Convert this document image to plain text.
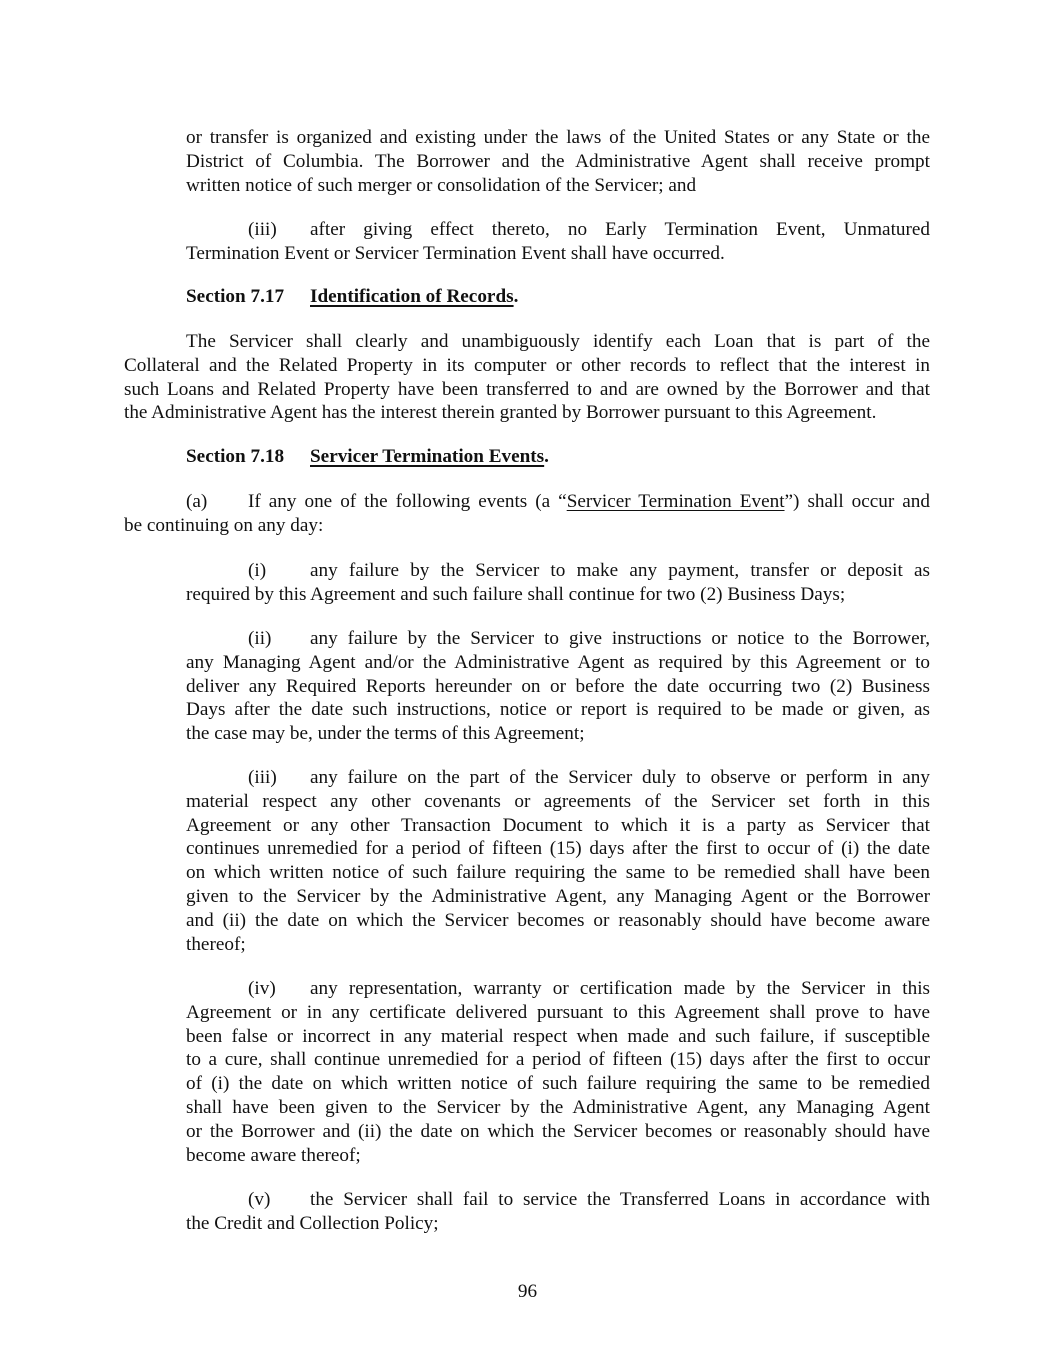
or transfer is organized and existing under the laws of the United States or any State or the
District of Columbia. The Borrower and the Administrative Agent shall receive prompt
written notice of such merger or consolidation of the Servicer; and
(iii) after giving effect thereto, no Early Termination Event, Unmatured
Termination Event or Servicer Termination Event shall have occurred.
Section 7.17 Identification of Records.
The Servicer shall clearly and unambiguously identify each Loan that is part of the
Collateral and the Related Property in its computer or other records to reflect that the interest in
such Loans and Related Property have been transferred to and are owned by the Borrower and that
the Administrative Agent has the interest therein granted by Borrower pursuant to this Agreement.
Section 7.18 Servicer Termination Events.
(a) If any one of the following events (a “Servicer Termination Event”) shall occur and
be continuing on any day:
(i) any failure by the Servicer to make any payment, transfer or deposit as
required by this Agreement and such failure shall continue for two (2) Business Days;
(ii) any failure by the Servicer to give instructions or notice to the Borrower,
any Managing Agent and/or the Administrative Agent as required by this Agreement or to
deliver any Required Reports hereunder on or before the date occurring two (2) Business
Days after the date such instructions, notice or report is required to be made or given, as
the case may be, under the terms of this Agreement;
(iii) any failure on the part of the Servicer duly to observe or perform in any
material respect any other covenants or agreements of the Servicer set forth in this
Agreement or any other Transaction Document to which it is a party as Servicer that
continues unremedied for a period of fifteen (15) days after the first to occur of (i) the date
on which written notice of such failure requiring the same to be remedied shall have been
given to the Servicer by the Administrative Agent, any Managing Agent or the Borrower
and (ii) the date on which the Servicer becomes or reasonably should have become aware
thereof;
(iv) any representation, warranty or certification made by the Servicer in this
Agreement or in any certificate delivered pursuant to this Agreement shall prove to have
been false or incorrect in any material respect when made and such failure, if susceptible
to a cure, shall continue unremedied for a period of fifteen (15) days after the first to occur
of (i) the date on which written notice of such failure requiring the same to be remedied
shall have been given to the Servicer by the Administrative Agent, any Managing Agent
or the Borrower and (ii) the date on which the Servicer becomes or reasonably should have
become aware thereof;
(v) the Servicer shall fail to service the Transferred Loans in accordance with
the Credit and Collection Policy;
96
